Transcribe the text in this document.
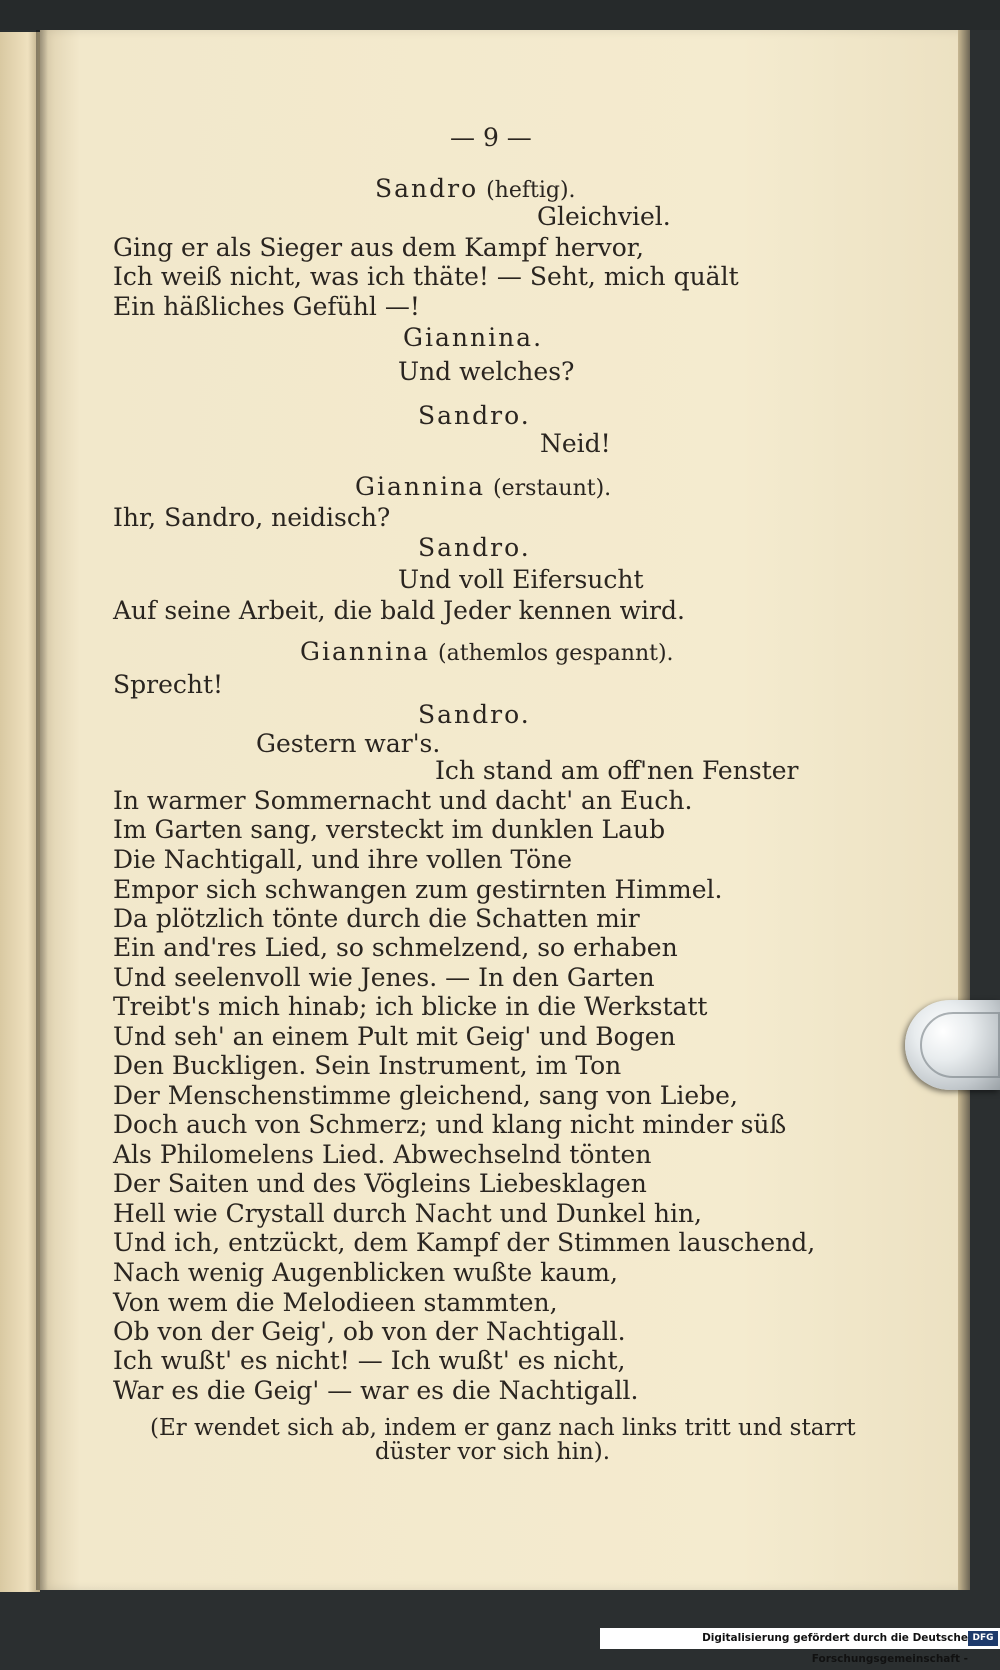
— 9 —
Sandro (heftig).
Gleichviel.
Ging er als Sieger aus dem Kampf hervor,
Ich weiß nicht, was ich thäte! — Seht, mich quält
Ein häßliches Gefühl —!
Giannina.
Und welches?
Sandro.
Neid!
Giannina (erstaunt).
Ihr, Sandro, neidisch?
Sandro.
Und voll Eifersucht
Auf seine Arbeit, die bald Jeder kennen wird.
Giannina (athemlos gespannt).
Sprecht!
Sandro.
Gestern war's.
Ich stand am off'nen Fenster
In warmer Sommernacht und dacht' an Euch.
Im Garten sang, versteckt im dunklen Laub
Die Nachtigall, und ihre vollen Töne
Empor sich schwangen zum gestirnten Himmel.
Da plötzlich tönte durch die Schatten mir
Ein and'res Lied, so schmelzend, so erhaben
Und seelenvoll wie Jenes. — In den Garten
Treibt's mich hinab; ich blicke in die Werkstatt
Und seh' an einem Pult mit Geig' und Bogen
Den Buckligen. Sein Instrument, im Ton
Der Menschenstimme gleichend, sang von Liebe,
Doch auch von Schmerz; und klang nicht minder süß
Als Philomelens Lied. Abwechselnd tönten
Der Saiten und des Vögleins Liebesklagen
Hell wie Crystall durch Nacht und Dunkel hin,
Und ich, entzückt, dem Kampf der Stimmen lauschend,
Nach wenig Augenblicken wußte kaum,
Von wem die Melodieen stammten,
Ob von der Geig', ob von der Nachtigall.
Ich wußt' es nicht! — Ich wußt' es nicht,
War es die Geig' — war es die Nachtigall.
(Er wendet sich ab, indem er ganz nach links tritt und starrt
düster vor sich hin).
Digitalisierung gefördert durch die Deutsche Forschungsgemeinschaft -
DFG
